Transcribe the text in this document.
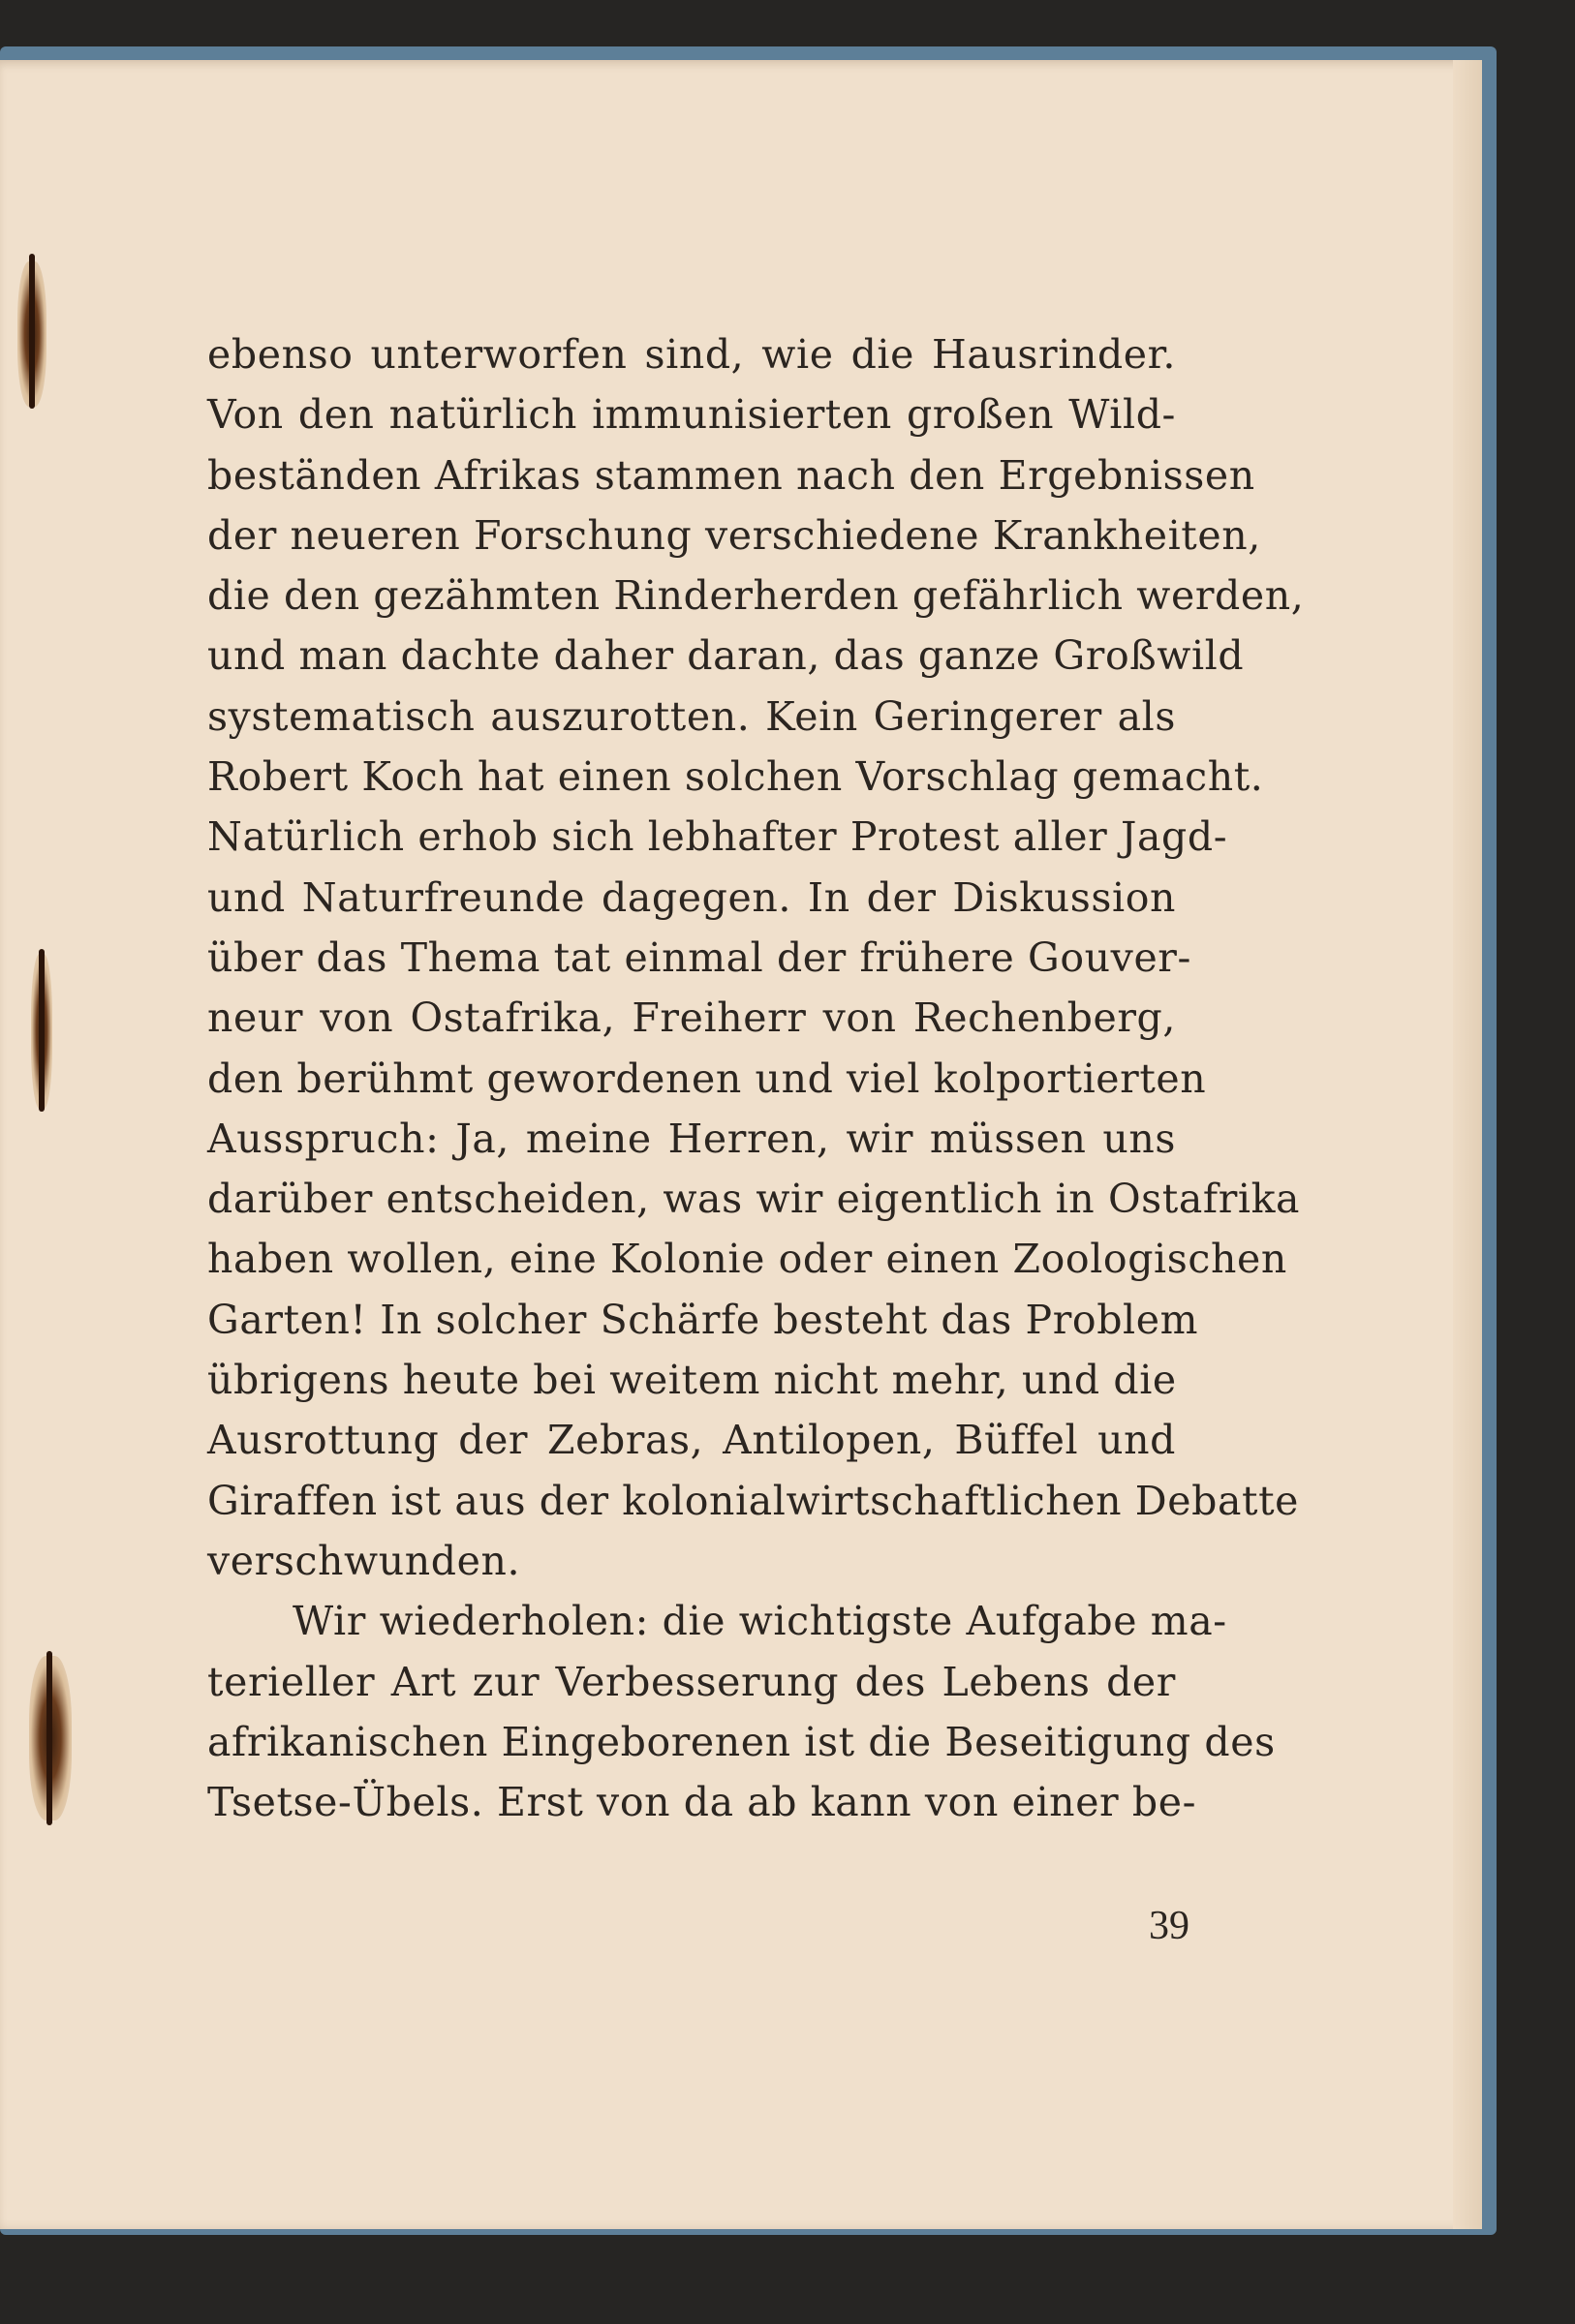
ebenso unterworfen sind, wie die Hausrinder.
Von den natürlich immunisierten großen Wild-
beständen Afrikas stammen nach den Ergebnissen
der neueren Forschung verschiedene Krankheiten,
die den gezähmten Rinderherden gefährlich werden,
und man dachte daher daran, das ganze Großwild
systematisch auszurotten. Kein Geringerer als
Robert Koch hat einen solchen Vorschlag gemacht.
Natürlich erhob sich lebhafter Protest aller Jagd-
und Naturfreunde dagegen. In der Diskussion
über das Thema tat einmal der frühere Gouver-
neur von Ostafrika, Freiherr von Rechenberg,
den berühmt gewordenen und viel kolportierten
Ausspruch: Ja, meine Herren, wir müssen uns
darüber entscheiden, was wir eigentlich in Ostafrika
haben wollen, eine Kolonie oder einen Zoologischen
Garten! In solcher Schärfe besteht das Problem
übrigens heute bei weitem nicht mehr, und die
Ausrottung der Zebras, Antilopen, Büffel und
Giraffen ist aus der kolonialwirtschaftlichen Debatte
verschwunden.
Wir wiederholen: die wichtigste Aufgabe ma-
terieller Art zur Verbesserung des Lebens der
afrikanischen Eingeborenen ist die Beseitigung des
Tsetse-Übels. Erst von da ab kann von einer be-
39
